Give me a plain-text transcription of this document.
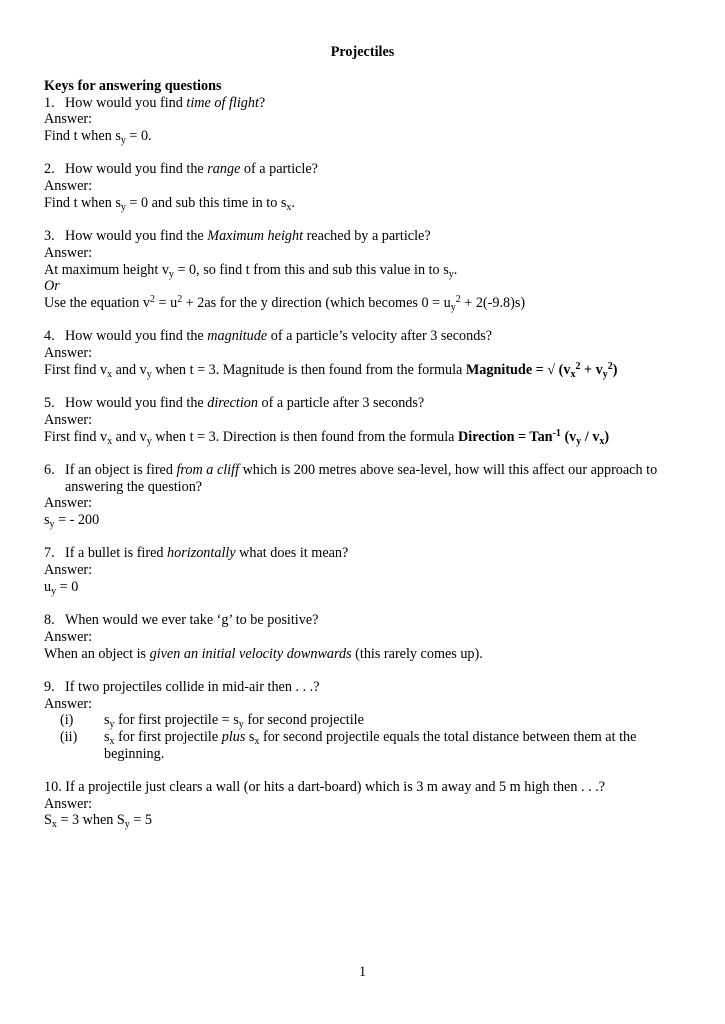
Projectiles
Keys for answering questions
1. How would you find time of flight?
Answer:
Find t when $s_y = 0$.
2. How would you find the range of a particle?
Answer:
Find t when $s_y = 0$ and sub this time in to $s_x$.
3. How would you find the Maximum height reached by a particle?
Answer:
At maximum height $v_y = 0$, so find t from this and sub this value in to $s_y$.
Or
Use the equation $v^2 = u^2 + 2as$ for the y direction (which becomes $0 = u_y^2 + 2(-9.8)s$)
4. How would you find the magnitude of a particle’s velocity after 3 seconds?
Answer:
First find $v_x$ and $v_y$ when t = 3. Magnitude is then found from the formula Magnitude = √ $(v_x^2 + v_y^2)$
5. How would you find the direction of a particle after 3 seconds?
Answer:
First find $v_x$ and $v_y$ when t = 3. Direction is then found from the formula Direction = Tan$^{-1}$ $(v_y / v_x)$
6. If an object is fired from a cliff which is 200 metres above sea-level, how will this affect our approach to answering the question?
Answer:
$s_y$ = - 200
7. If a bullet is fired horizontally what does it mean?
Answer:
$u_y = 0$
8. When would we ever take ‘g’ to be positive?
Answer:
When an object is given an initial velocity downwards (this rarely comes up).
9. If two projectiles collide in mid-air then . . .?
Answer:
(i)	$s_y$ for first projectile = $s_y$ for second projectile
(ii)	$s_x$ for first projectile plus $s_x$ for second projectile equals the total distance between them at the beginning.
10. If a projectile just clears a wall (or hits a dart-board) which is 3 m away and 5 m high then . . .?
Answer:
$S_x = 3$ when $S_y = 5$
1
